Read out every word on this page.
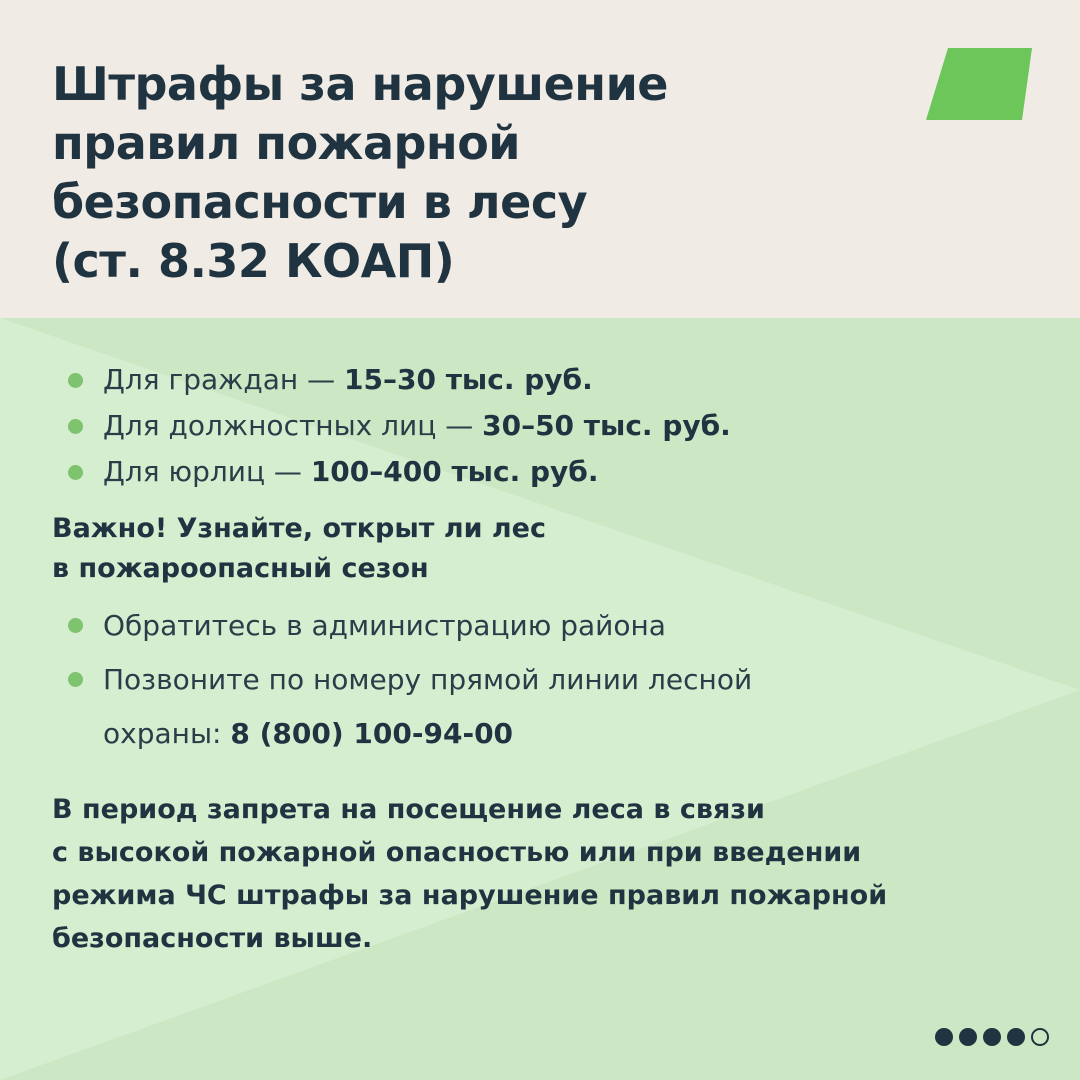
Штрафы за нарушение
правил пожарной
безопасности в лесу
(ст. 8.32 КОАП)
Для граждан — 15–30 тыс. руб.
Для должностных лиц — 30–50 тыс. руб.
Для юрлиц — 100–400 тыс. руб.

Важно! Узнайте, открыт ли лес
в пожароопасный сезон

Обратитесь в администрацию района
Позвоните по номеру прямой линии лесной
охраны: 8 (800) 100-94-00

В период запрета на посещение леса в связи
с высокой пожарной опасностью или при введении
режима ЧС штрафы за нарушение правил пожарной
безопасности выше.
